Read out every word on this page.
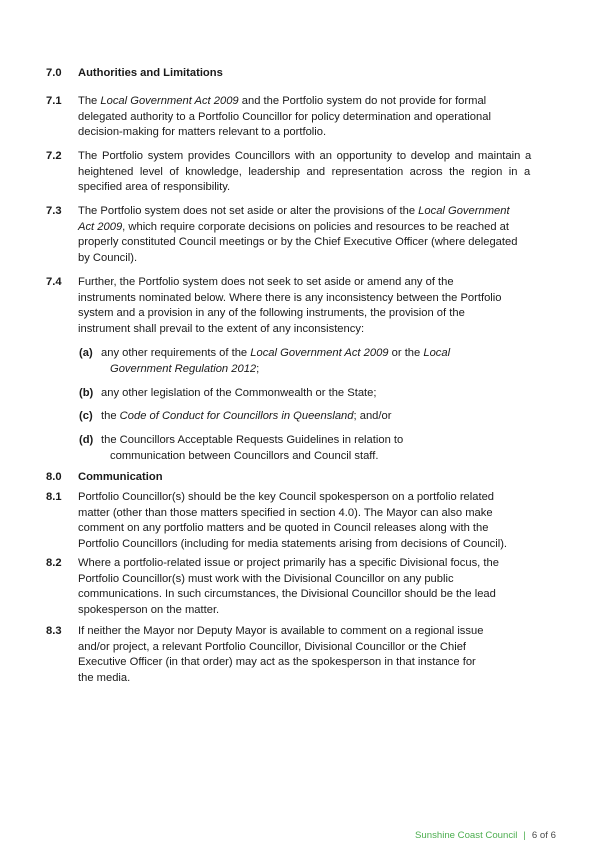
7.0 Authorities and Limitations
7.1 The Local Government Act 2009 and the Portfolio system do not provide for formal
delegated authority to a Portfolio Councillor for policy determination and operational
decision-making for matters relevant to a portfolio.
7.2 The Portfolio system provides Councillors with an opportunity to develop and maintain a
heightened level of knowledge, leadership and representation across the region in a
specified area of responsibility.
7.3 The Portfolio system does not set aside or alter the provisions of the Local Government
Act 2009, which require corporate decisions on policies and resources to be reached at
properly constituted Council meetings or by the Chief Executive Officer (where delegated
by Council).
7.4 Further, the Portfolio system does not seek to set aside or amend any of the
instruments nominated below. Where there is any inconsistency between the Portfolio
system and a provision in any of the following instruments, the provision of the
instrument shall prevail to the extent of any inconsistency:
(a) any other requirements of the Local Government Act 2009 or the Local
Government Regulation 2012;
(b) any other legislation of the Commonwealth or the State;
(c) the Code of Conduct for Councillors in Queensland; and/or
(d) the Councillors Acceptable Requests Guidelines in relation to
communication between Councillors and Council staff.
8.0 Communication
8.1 Portfolio Councillor(s) should be the key Council spokesperson on a portfolio related
matter (other than those matters specified in section 4.0). The Mayor can also make
comment on any portfolio matters and be quoted in Council releases along with the
Portfolio Councillors (including for media statements arising from decisions of Council).
8.2 Where a portfolio-related issue or project primarily has a specific Divisional focus, the
Portfolio Councillor(s) must work with the Divisional Councillor on any public
communications. In such circumstances, the Divisional Councillor should be the lead
spokesperson on the matter.
8.3 If neither the Mayor nor Deputy Mayor is available to comment on a regional issue
and/or project, a relevant Portfolio Councillor, Divisional Councillor or the Chief
Executive Officer (in that order) may act as the spokesperson in that instance for
the media.
Sunshine Coast Council | 6 of 6
